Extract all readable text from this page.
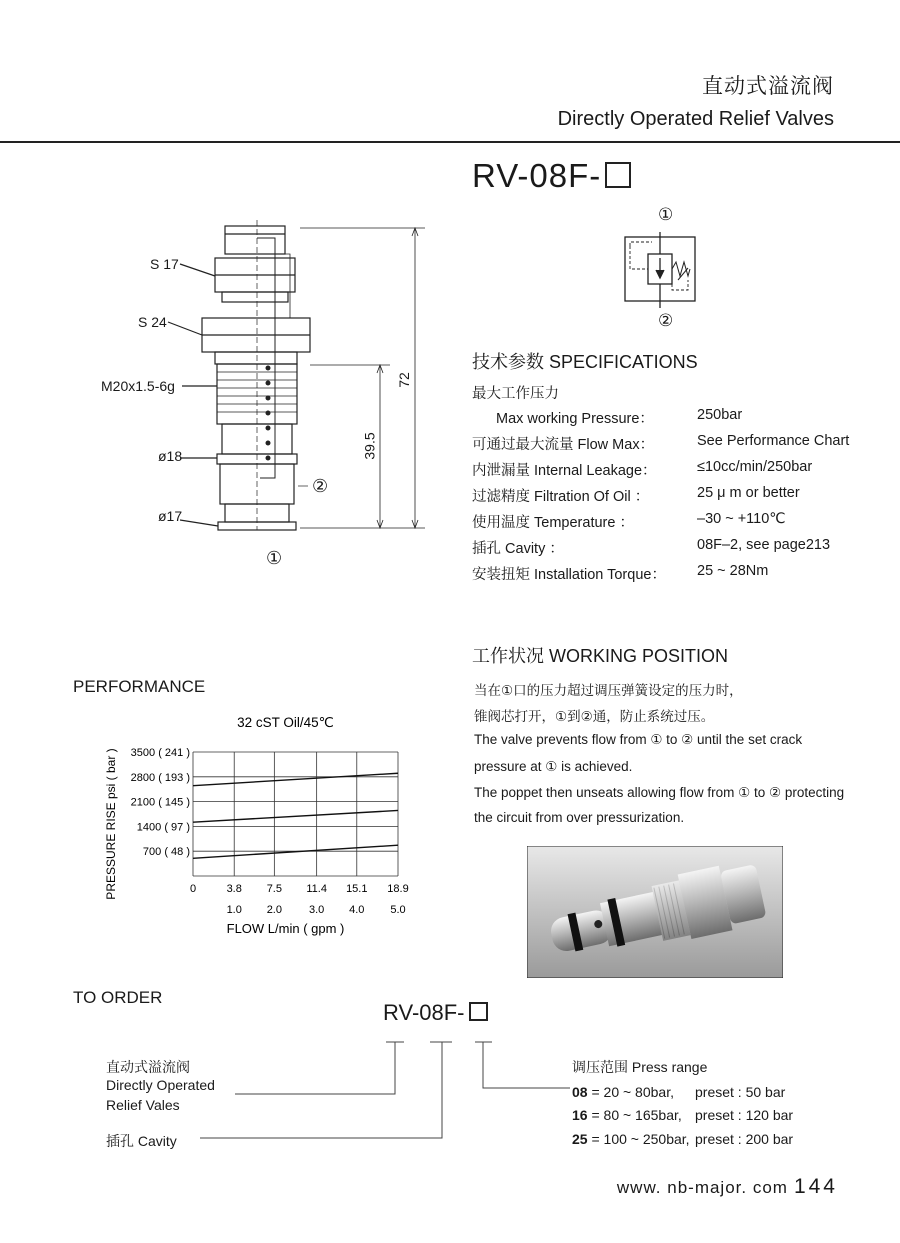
直动式溢流阀
Directly Operated Relief Valves
RV-08F-
S 17
S 24
M20x1.5-6g
ø18
ø17
72
39.5
①
②
①
②
技术参数 SPECIFICATIONS
最大工作压力
Max working Pressure：	250bar
可通过最大流量 Flow Max：	See Performance Chart
内泄漏量 Internal Leakage：	≤10cc/min/250bar
过滤精度 Filtration Of Oil ：	25 μ m or better
使用温度 Temperature ：	–30 ~ +110℃
插孔 Cavity ：	08F–2, see page213
安装扭矩 Installation Torque： 25 ~ 28Nm
工作状况 WORKING POSITION
当在①口的压力超过调压弹簧设定的压力时，
锥阀芯打开，①到②通，防止系统过压。
The valve prevents flow from ① to ② until the set crack
pressure at ① is achieved.
The poppet then unseats allowing flow from ① to ② protecting
the circuit from over pressurization.
PERFORMANCE
32 cST Oil/45℃
3500 ( 241 )
2800 ( 193 )
2100 ( 145 )
1400 ( 97 )
700 ( 48 )
0	3.8 7.5 11.4 15.1 18.9
1.0 2.0 3.0 4.0 5.0
FLOW L/min ( gpm )
PRESSURE RISE psi ( bar )
TO ORDER
RV-08F-
直动式溢流阀
Directly Operated
Relief Vales
插孔 Cavity
调压范围 Press range
08 = 20 ~ 80bar, preset : 50 bar
16 = 80 ~ 165bar, preset : 120 bar
25 = 100 ~ 250bar, preset : 200 bar
www. nb-major. com 144
